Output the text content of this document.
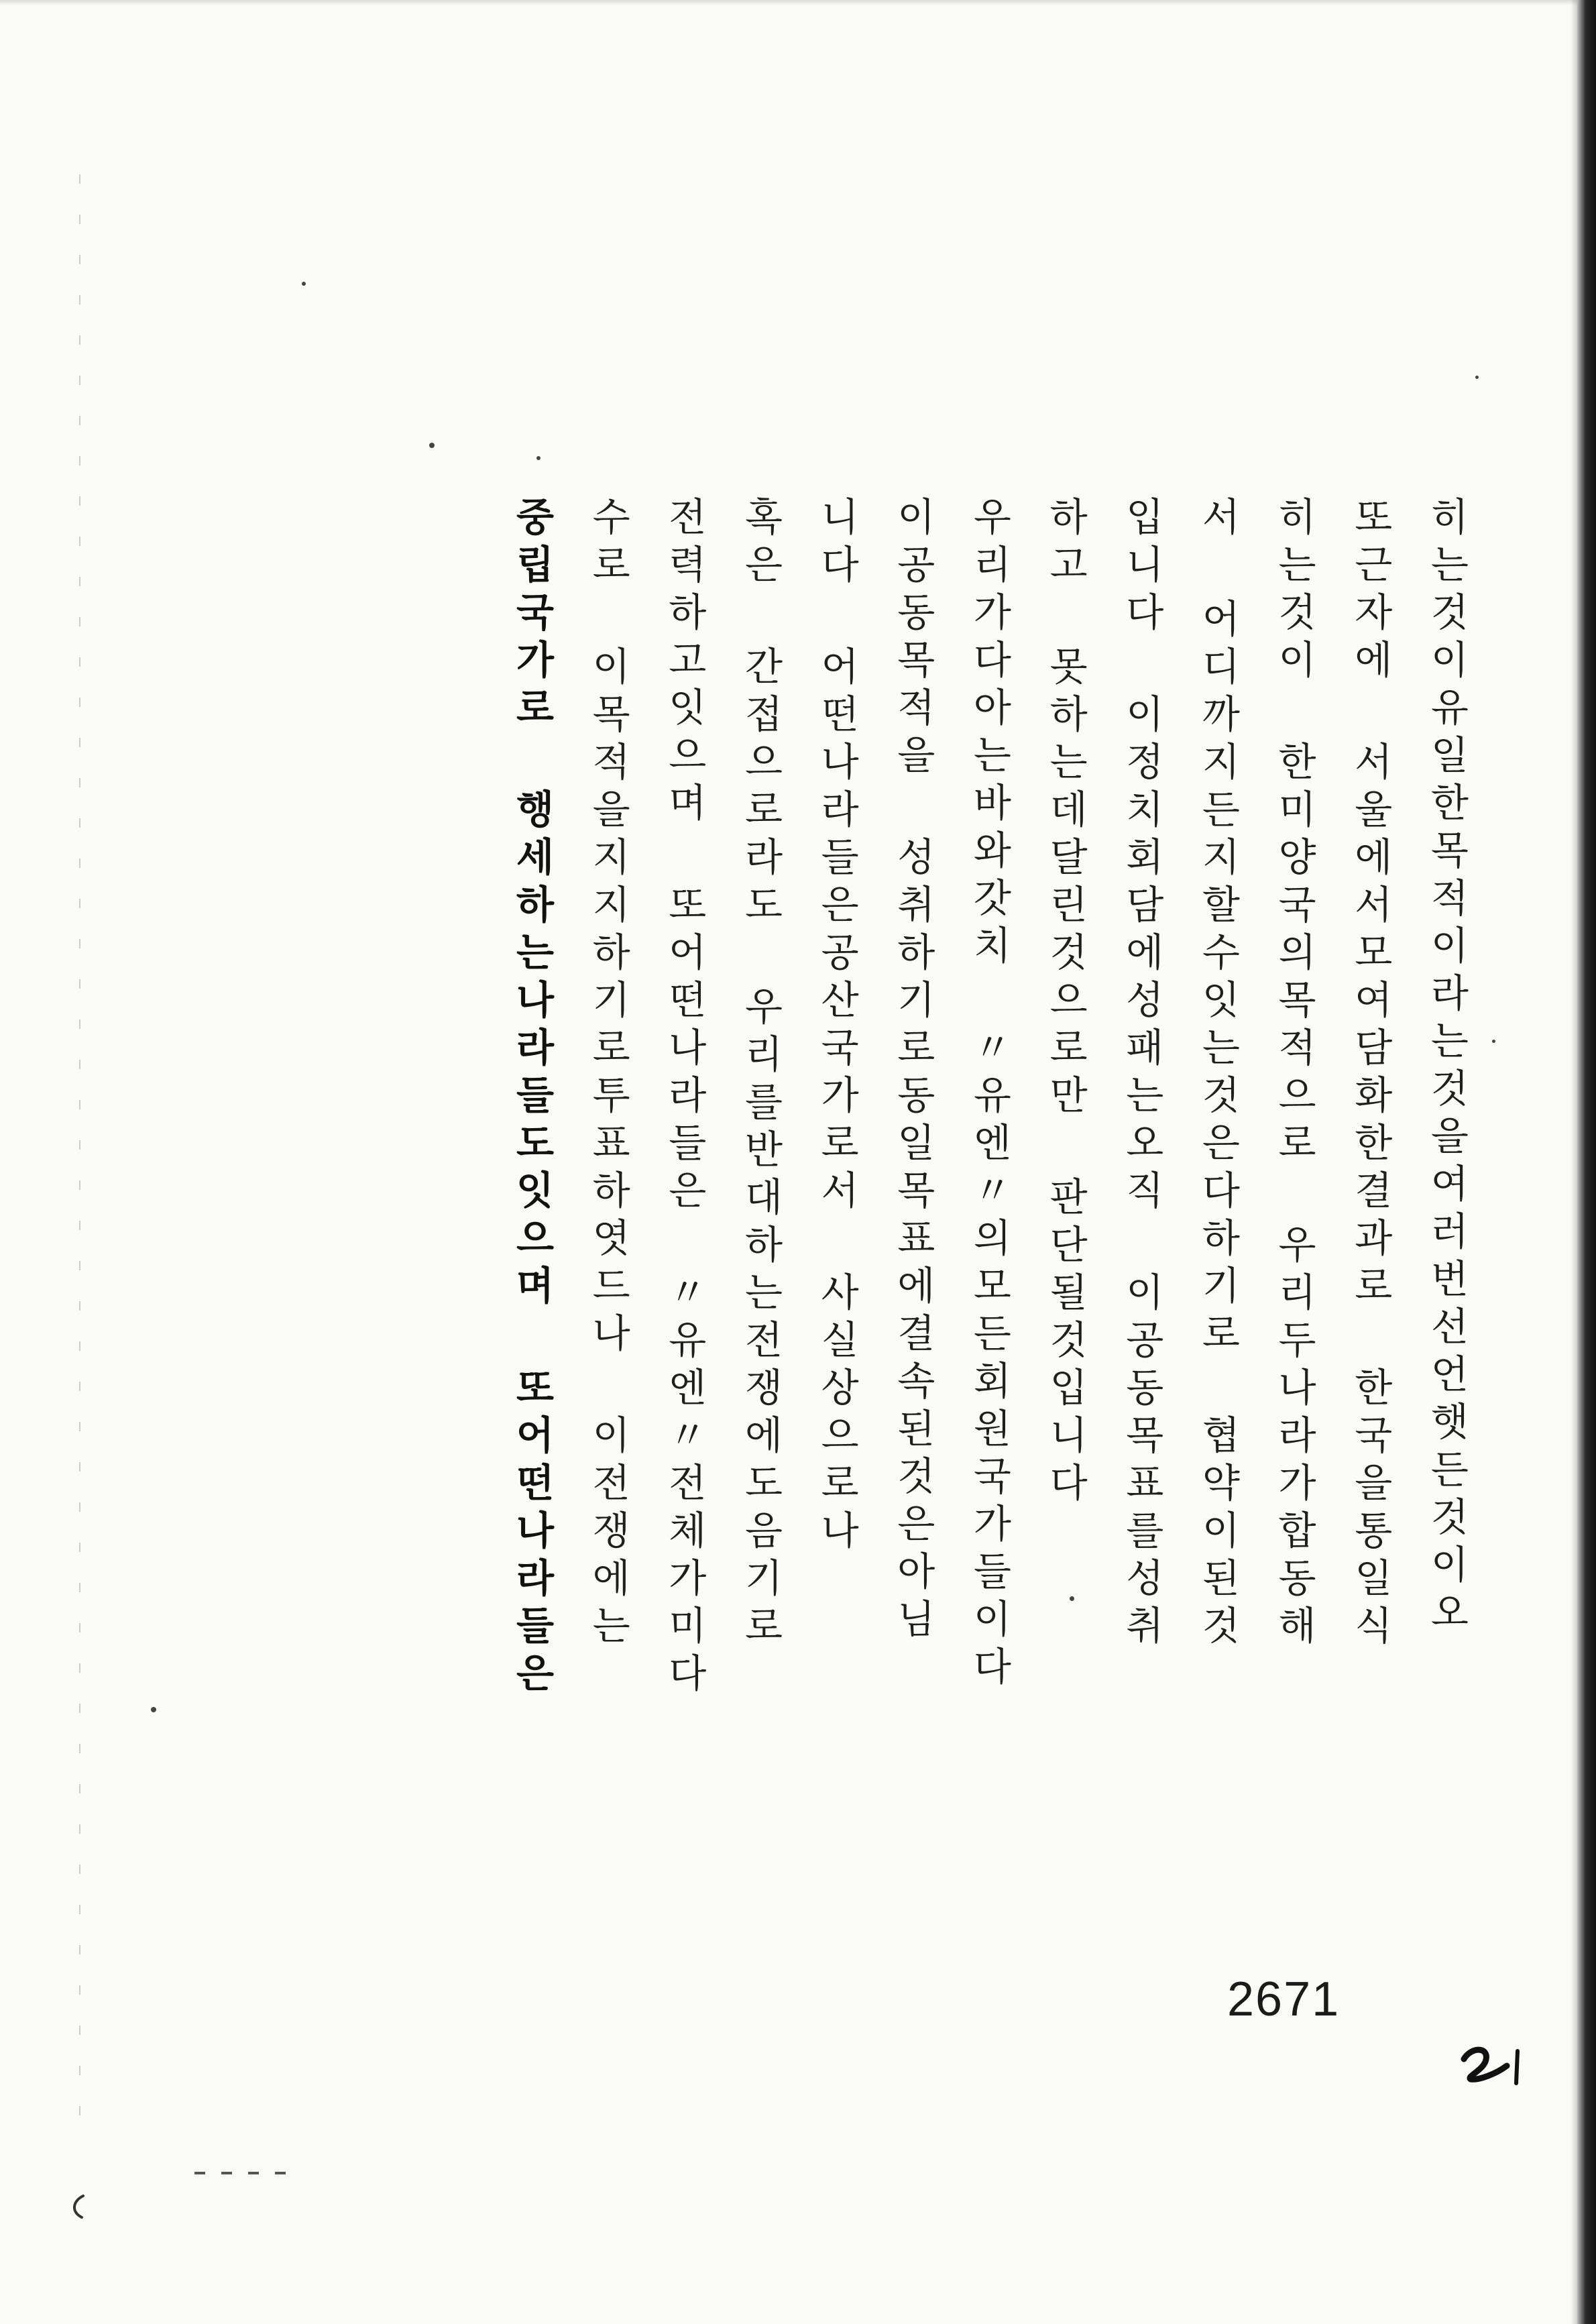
히는것이유일한목적이라는것을여러번선언햇든것이오
또근자에 서울에서모여담화한결과로 한국을통일식
히는것이 한미양국의목적으로 우리두나라가합동해
서 어디까지든지할수잇는것은다하기로 협약이된것
입니다 이정치회담에성패는오직 이공동목표를성취
하고 못하는데달린것으로만 판단될것입니다
우리가다아는바와갓치 〃유엔〃의모든회원국가들이다
이공동목적을 성취하기로동일목표에결속된것은아님
니다 어떤나라들은공산국가로서 사실상으로나
혹은 간접으로라도 우리를반대하는전쟁에도음기로
전력하고잇으며 또어떤나라들은 〃유엔〃전체가미다
수로 이목적을지지하기로투표하엿드나 이전쟁에는
중립국가로 행세하는나라들도잇으며 또어떤나라들은
2671
